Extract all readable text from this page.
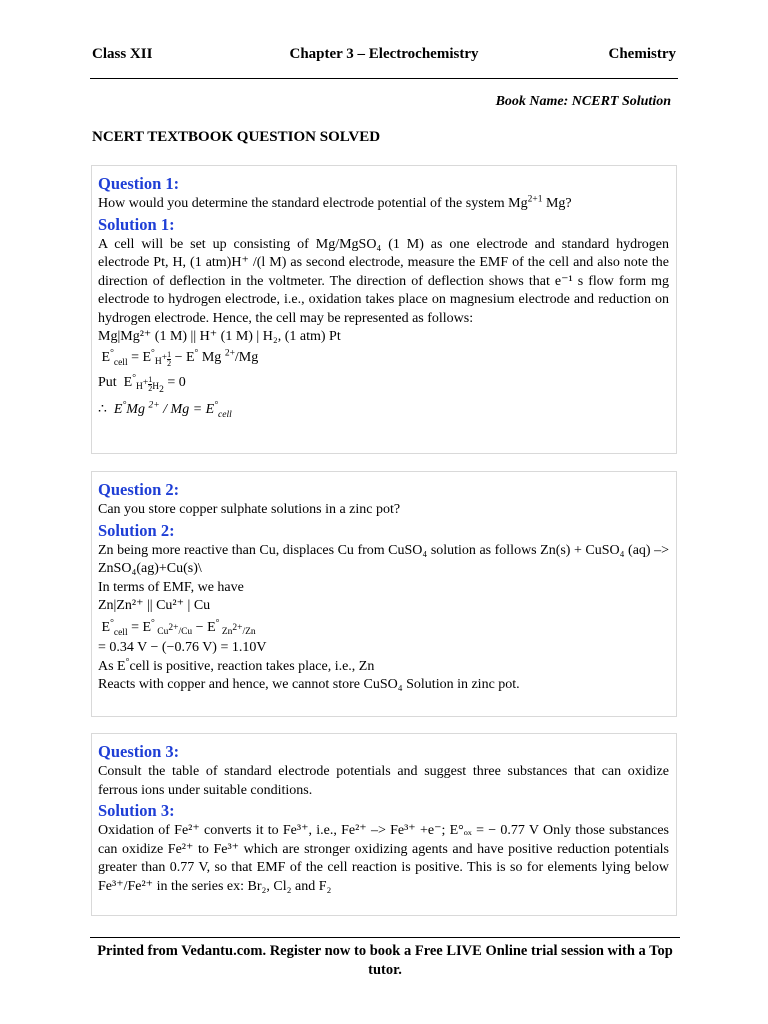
Class XII	Chapter 3 – Electrochemistry	Chemistry
Book Name: NCERT Solution
NCERT TEXTBOOK QUESTION SOLVED
Question 1:
How would you determine the standard electrode potential of the system $Mg^{2+1}$ Mg?
Solution 1:
A cell will be set up consisting of Mg/MgSO₄ (1 M) as one electrode and standard hydrogen electrode Pt, H, (1 atm)H⁺ /(l M) as second electrode, measure the EMF of the cell and also note the direction of deflection in the voltmeter. The direction of deflection shows that e⁻¹ s flow form mg electrode to hydrogen electrode, i.e., oxidation takes place on magnesium electrode and reduction on hydrogen electrode. Hence, the cell may be represented as follows:
Mg|Mg²⁺ (1 M) || H⁺ (1 M) | H₂, (1 atm) Pt
$E^\circ_{cell} = E^\circ_{H^+} \frac{1}{2} - E^\circ$ Mg $^{2+}$/Mg
Put  $E^\circ_{H^+} \frac{1}{2} _{H_2} = 0$
∴  E°Mg $^{2+} / Mg = E^\circ_{cell}$
Question 2:
Can you store copper sulphate solutions in a zinc pot?
Solution 2:
Zn being more reactive than Cu, displaces Cu from CuSO₄ solution as follows Zn(s) + CuSO₄ (aq) –> ZnSO₄(ag)+Cu(s)\
In terms of EMF, we have
Zn|Zn²⁺ || Cu²⁺ | Cu
$E^\circ_{cell} = E^\circ$ $_{Cu^{2+}/Cu}$ − E° $_{Zn^{2+}/Zn}$
= 0.34 V − (−0.76 V) = 1.10V
As E°cell is positive, reaction takes place, i.e., Zn
Reacts with copper and hence, we cannot store CuSO₄ Solution in zinc pot.
Question 3:
Consult the table of standard electrode potentials and suggest three substances that can oxidize ferrous ions under suitable conditions.
Solution 3:
Oxidation of Fe²⁺ converts it to Fe³⁺, i.e., Fe²⁺ –> Fe³⁺ +e⁻; E°ₒₓ = − 0.77 V Only those substances can oxidize Fe²⁺ to Fe³⁺ which are stronger oxidizing agents and have positive reduction potentials greater than 0.77 V, so that EMF of the cell reaction is positive. This is so for elements lying below Fe³⁺/Fe²⁺ in the series ex: Br₂, Cl₂ and F₂
Printed from Vedantu.com. Register now to book a Free LIVE Online trial session with a Top tutor.
